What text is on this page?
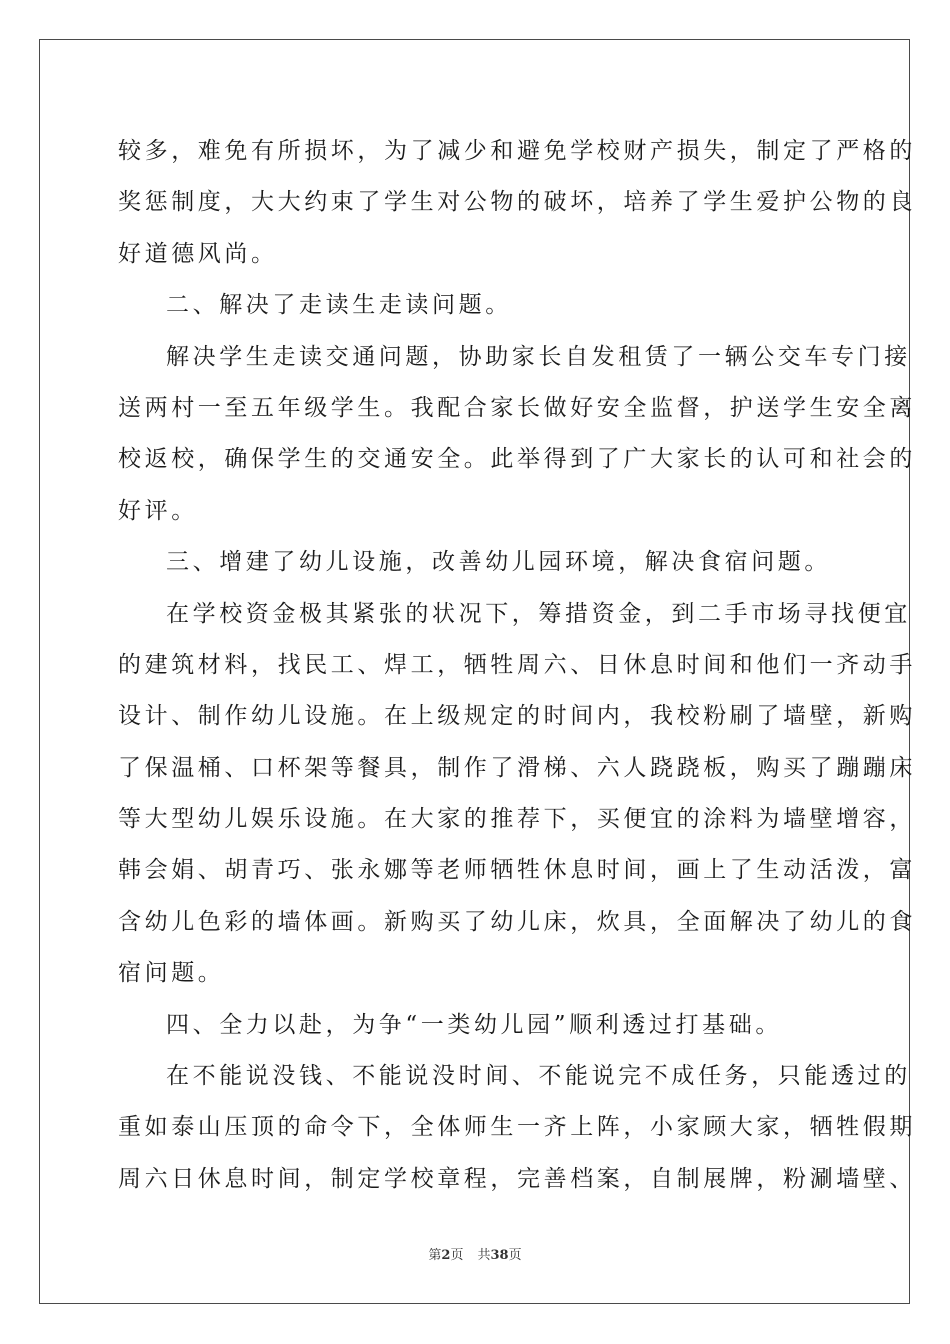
较多，难免有所损坏，为了减少和避免学校财产损失，制定了严格的
奖惩制度，大大约束了学生对公物的破坏，培养了学生爱护公物的良
好道德风尚。
二、解决了走读生走读问题。
解决学生走读交通问题，协助家长自发租赁了一辆公交车专门接
送两村一至五年级学生。我配合家长做好安全监督，护送学生安全离
校返校，确保学生的交通安全。此举得到了广大家长的认可和社会的
好评。
三、增建了幼儿设施，改善幼儿园环境，解决食宿问题。
在学校资金极其紧张的状况下，筹措资金，到二手市场寻找便宜
的建筑材料，找民工、焊工，牺牲周六、日休息时间和他们一齐动手
设计、制作幼儿设施。在上级规定的时间内，我校粉刷了墙壁，新购
了保温桶、口杯架等餐具，制作了滑梯、六人跷跷板，购买了蹦蹦床
等大型幼儿娱乐设施。在大家的推荐下，买便宜的涂料为墙壁增容，
韩会娟、胡青巧、张永娜等老师牺牲休息时间，画上了生动活泼，富
含幼儿色彩的墙体画。新购买了幼儿床，炊具，全面解决了幼儿的食
宿问题。
四、全力以赴，为争“一类幼儿园”顺利透过打基础。
在不能说没钱、不能说没时间、不能说完不成任务，只能透过的
重如泰山压顶的命令下，全体师生一齐上阵，小家顾大家，牺牲假期
周六日休息时间，制定学校章程，完善档案，自制展牌，粉涮墙壁、
第2页 共38页
